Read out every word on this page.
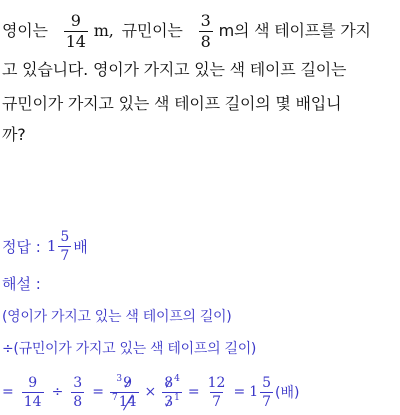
영이는 $\frac{9}{14} m$, 규민이는 $\frac{3}{8}$ m의 색 테이프를 가지
고 있습니다. 영이가 가지고 있는 색 테이프 길이는
규민이가 가지고 있는 색 테이프 길이의 몇 배입니
까?
정답 : $1 \frac{5}{7}$ 배
해설 :
(영이가 가지고 있는 색 테이프의 길이)
÷(규민이가 가지고 있는 색 테이프의 길이)
= $\frac{9}{14} \div \frac{3}{8} = \frac{^39}{^714} \times \frac{8^4}{3^1} = \frac{12}{7} = 1 \frac{5}{7}$ (배)
